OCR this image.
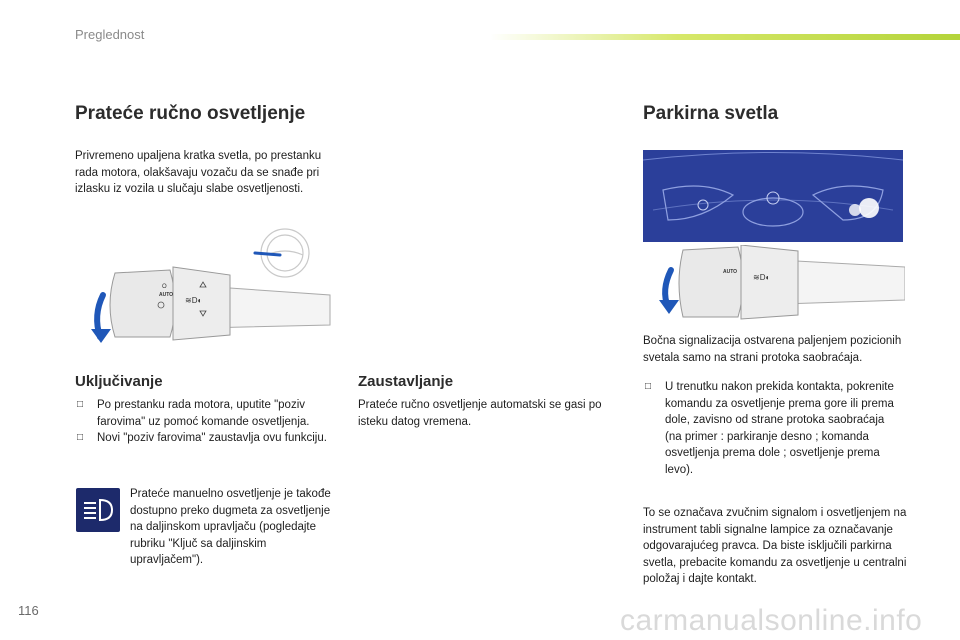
Preglednost
Prateće ručno osvetljenje
Privremeno upaljena kratka svetla, po prestanku rada motora, olakšavaju vozaču da se snađe pri izlasku iz vozila u slučaju slabe osvetljenosti.
AUTO
O
≋D◐
Uključivanje
□ Po prestanku rada motora, uputite "poziv farovima" uz pomoć komande osvetljenja.
□ Novi "poziv farovima" zaustavlja ovu funkciju.
Prateće manuelno osvetljenje je takođe dostupno preko dugmeta za osvetljenje na daljinskom upravljaču (pogledajte rubriku "Ključ sa daljinskim upravljačem").
Zaustavljanje
Prateće ručno osvetljenje automatski se gasi po isteku datog vremena.
Parkirna svetla
AUTO
≋D◐
Bočna signalizacija ostvarena paljenjem pozicionih svetala samo na strani protoka saobraćaja.
□ U trenutku nakon prekida kontakta, pokrenite komandu za osvetljenje prema gore ili prema dole, zavisno od strane protoka saobraćaja (na primer : parkiranje desno ; komanda osvetljenja prema dole ; osvetljenje prema levo).
To se označava zvučnim signalom i osvetljenjem na instrument tabli signalne lampice za označavanje odgovarajućeg pravca. Da biste isključili parkirna svetla, prebacite komandu za osvetljenje u centralni položaj i dajte kontakt.
116	carmanualsonline.info
